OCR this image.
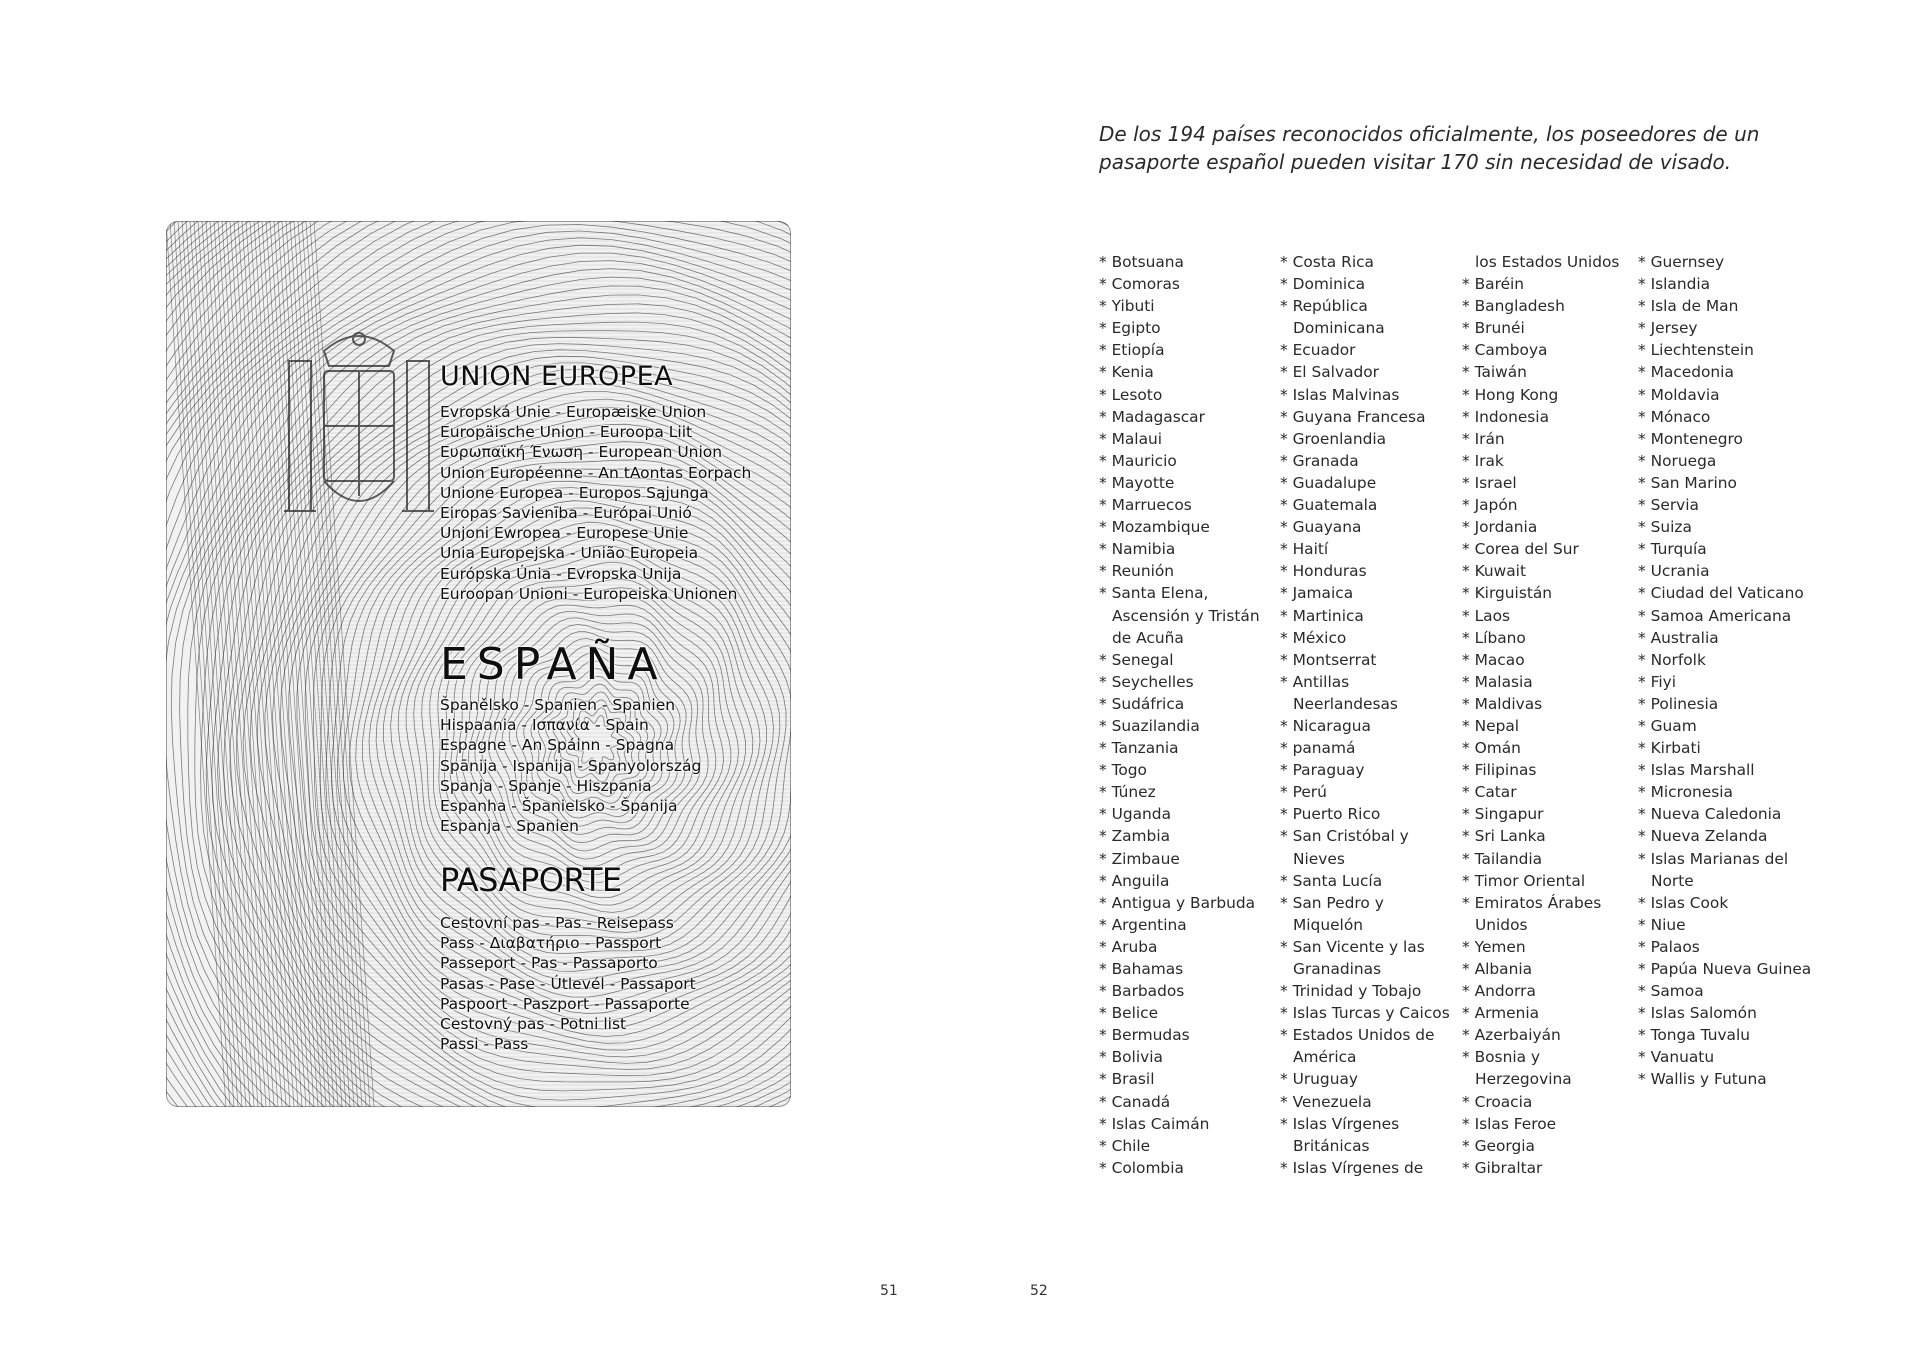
UNION EUROPEA
Evropská Unie - Europæiske Union
Europäische Union - Euroopa Liit
Ευρωπαϊκή Ένωση - European Union
Union Européenne - An tAontas Eorpach
Unione Europea - Europos Sąjunga
Eiropas Savienība - Európai Unió
Unjoni Ewropea - Europese Unie
Unia Europejska - União Europeia
Európska Únia - Evropska Unija
Euroopan Unioni - Europeiska Unionen
ESPAÑA
Španělsko - Spanien - Spanien
Hispaania - Ισπανία - Spain
Espagne - An Spáinn - Spagna
Spānija - Ispanija - Spanyolország
Spanja - Spanje - Hiszpania
Espanha - Španielsko - Španija
Espanja - Spanien
PASAPORTE
Cestovní pas - Pas - Reisepass
Pass - Διαβατήριο - Passport
Passeport - Pas - Passaporto
Pasas - Pase - Útlevél - Passaport
Paspoort - Paszport - Passaporte
Cestovný pas - Potni list
Passi - Pass
51
De los 194 países reconocidos oficialmente, los poseedores de un pasaporte español pueden visitar 170 sin necesidad de visado.
* Botsuana
* Comoras
* Yibuti
* Egipto
* Etiopía
* Kenia
* Lesoto
* Madagascar
* Malaui
* Mauricio
* Mayotte
* Marruecos
* Mozambique
* Namibia
* Reunión
* Santa Elena, Ascensión y Tristán de Acuña
* Senegal
* Seychelles
* Sudáfrica
* Suazilandia
* Tanzania
* Togo
* Túnez
* Uganda
* Zambia
* Zimbaue
* Anguila
* Antigua y Barbuda
* Argentina
* Aruba
* Bahamas
* Barbados
* Belice
* Bermudas
* Bolivia
* Brasil
* Canadá
* Islas Caimán
* Chile
* Colombia
* Costa Rica
* Dominica
* República Dominicana
* Ecuador
* El Salvador
* Islas Malvinas
* Guyana Francesa
* Groenlandia
* Granada
* Guadalupe
* Guatemala
* Guayana
* Haití
* Honduras
* Jamaica
* Martinica
* México
* Montserrat
* Antillas Neerlandesas
* Nicaragua
* panamá
* Paraguay
* Perú
* Puerto Rico
* San Cristóbal y Nieves
* Santa Lucía
* San Pedro y Miquelón
* San Vicente y las Granadinas
* Trinidad y Tobajo
* Islas Turcas y Caicos
* Estados Unidos de América
* Uruguay
* Venezuela
* Islas Vírgenes Británicas
* Islas Vírgenes de
los Estados Unidos
* Baréin
* Bangladesh
* Brunéi
* Camboya
* Taiwán
* Hong Kong
* Indonesia
* Irán
* Irak
* Israel
* Japón
* Jordania
* Corea del Sur
* Kuwait
* Kirguistán
* Laos
* Líbano
* Macao
* Malasia
* Maldivas
* Nepal
* Omán
* Filipinas
* Catar
* Singapur
* Sri Lanka
* Tailandia
* Timor Oriental
* Emiratos Árabes Unidos
* Yemen
* Albania
* Andorra
* Armenia
* Azerbaiyán
* Bosnia y Herzegovina
* Croacia
* Islas Feroe
* Georgia
* Gibraltar
* Guernsey
* Islandia
* Isla de Man
* Jersey
* Liechtenstein
* Macedonia
* Moldavia
* Mónaco
* Montenegro
* Noruega
* San Marino
* Servia
* Suiza
* Turquía
* Ucrania
* Ciudad del Vaticano
* Samoa Americana
* Australia
* Norfolk
* Fiyi
* Polinesia
* Guam
* Kirbati
* Islas Marshall
* Micronesia
* Nueva Caledonia
* Nueva Zelanda
* Islas Marianas del Norte
* Islas Cook
* Niue
* Palaos
* Papúa Nueva Guinea
* Samoa
* Islas Salomón
* Tonga Tuvalu
* Vanuatu
* Wallis y Futuna
52
